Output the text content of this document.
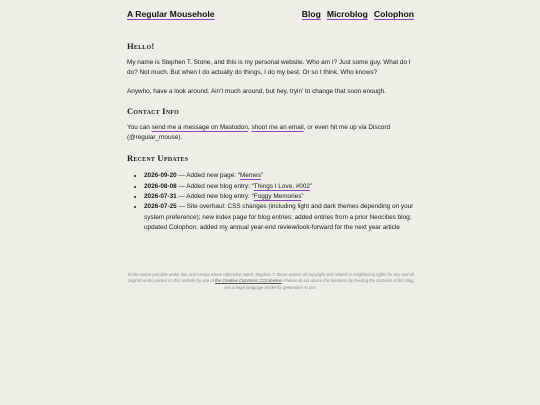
A Regular Mousehole	Blog Microblog Colophon
Hello!

My name is Stephen T. Stone, and this is my personal website. Who am I? Just some guy. What do I do? Not much. But when I do actually do things, I do my best. Or so I think. Who knows?

Anywho, have a look around. Ain’t much around, but hey, tryin’ to change that soon enough.

Contact Info

You can send me a message on Mastodon, shoot me an email, or even hit me up via Discord (@regular_mouse).

Recent Updates
• 2026-09-20 — Added new page: “Memes”
• 2026-08-08 — Added new blog entry: “Things I Love, #002”
• 2026-07-31 — Added new blog entry: “Foggy Memories”
• 2026-07-25 — Site overhaul: CSS changes (including light and dark themes depending on your system preference); new index page for blog entries; added entries from a prior Neocities blog; updated Colophon; added my annual year-end review/look-forward for the next year article
To the extent possible under law, and except where otherwise noted, Stephen T. Stone waives all copyright and related or neighboring rights for any and all original works posted on this website by use of the Creative Commons CC0 license. Please do not abuse this kindness by feeding the contents of this blog into a large language model for generative AI use.
